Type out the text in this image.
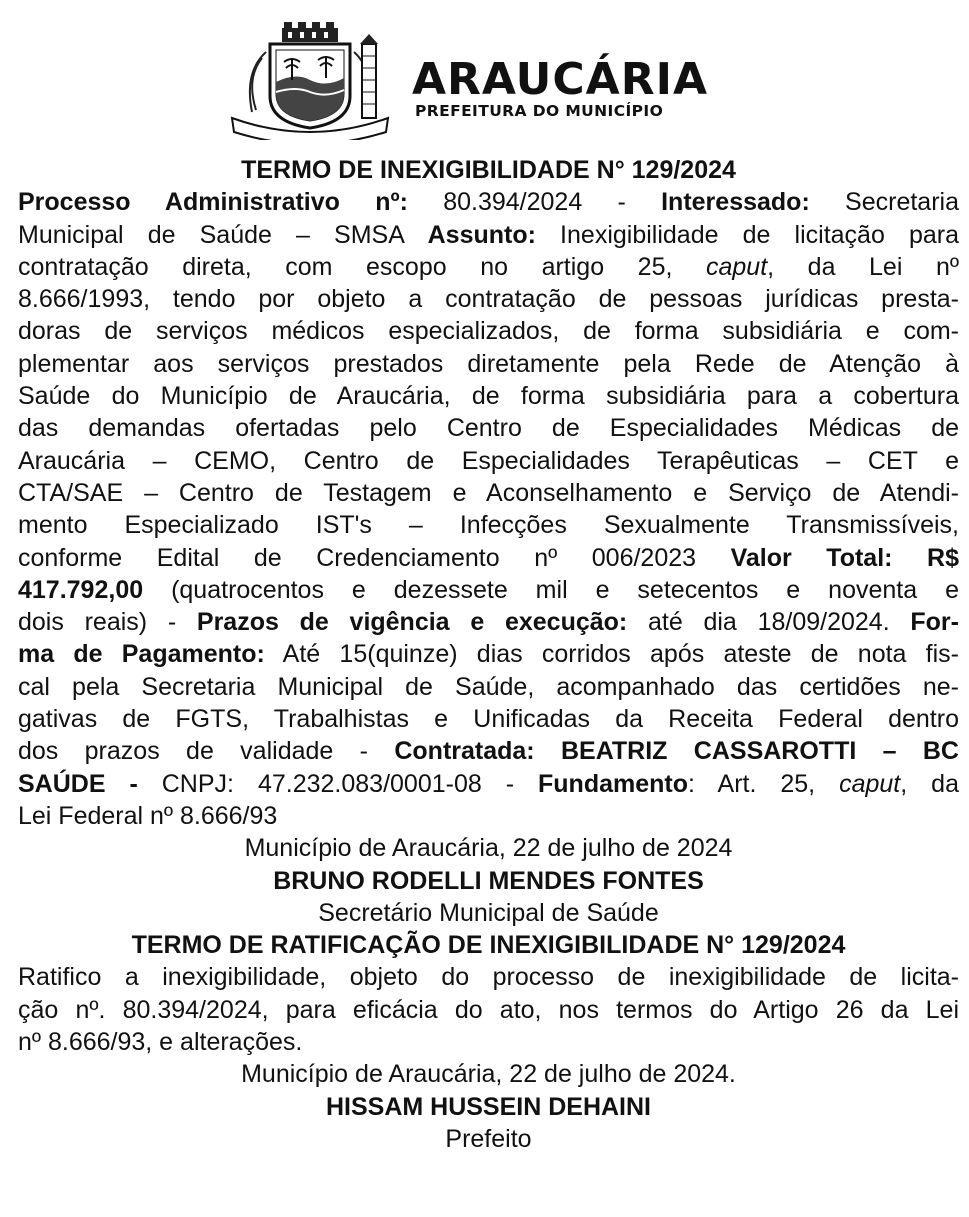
ARAUCÁRIA
PREFEITURA DO MUNICÍPIO
TERMO DE INEXIGIBILIDADE N° 129/2024
Processo Administrativo nº: 80.394/2024 - Interessado: Secretaria
Municipal de Saúde – SMSA Assunto: Inexigibilidade de licitação para
contratação direta, com escopo no artigo 25, caput, da Lei nº
8.666/1993, tendo por objeto a contratação de pessoas jurídicas presta-
doras de serviços médicos especializados, de forma subsidiária e com-
plementar aos serviços prestados diretamente pela Rede de Atenção à
Saúde do Município de Araucária, de forma subsidiária para a cobertura
das demandas ofertadas pelo Centro de Especialidades Médicas de
Araucária – CEMO, Centro de Especialidades Terapêuticas – CET e
CTA/SAE – Centro de Testagem e Aconselhamento e Serviço de Atendi-
mento Especializado IST's – Infecções Sexualmente Transmissíveis,
conforme Edital de Credenciamento nº 006/2023 Valor Total: R$
417.792,00 (quatrocentos e dezessete mil e setecentos e noventa e
dois reais) - Prazos de vigência e execução: até dia 18/09/2024. For-
ma de Pagamento: Até 15(quinze) dias corridos após ateste de nota fis-
cal pela Secretaria Municipal de Saúde, acompanhado das certidões ne-
gativas de FGTS, Trabalhistas e Unificadas da Receita Federal dentro
dos prazos de validade - Contratada: BEATRIZ CASSAROTTI – BC
SAÚDE - CNPJ: 47.232.083/0001-08 - Fundamento: Art. 25, caput, da
Lei Federal nº 8.666/93
Município de Araucária, 22 de julho de 2024
BRUNO RODELLI MENDES FONTES
Secretário Municipal de Saúde
TERMO DE RATIFICAÇÃO DE INEXIGIBILIDADE N° 129/2024
Ratifico a inexigibilidade, objeto do processo de inexigibilidade de licita-
ção nº. 80.394/2024, para eficácia do ato, nos termos do Artigo 26 da Lei
nº 8.666/93, e alterações.
Município de Araucária, 22 de julho de 2024.
HISSAM HUSSEIN DEHAINI
Prefeito
